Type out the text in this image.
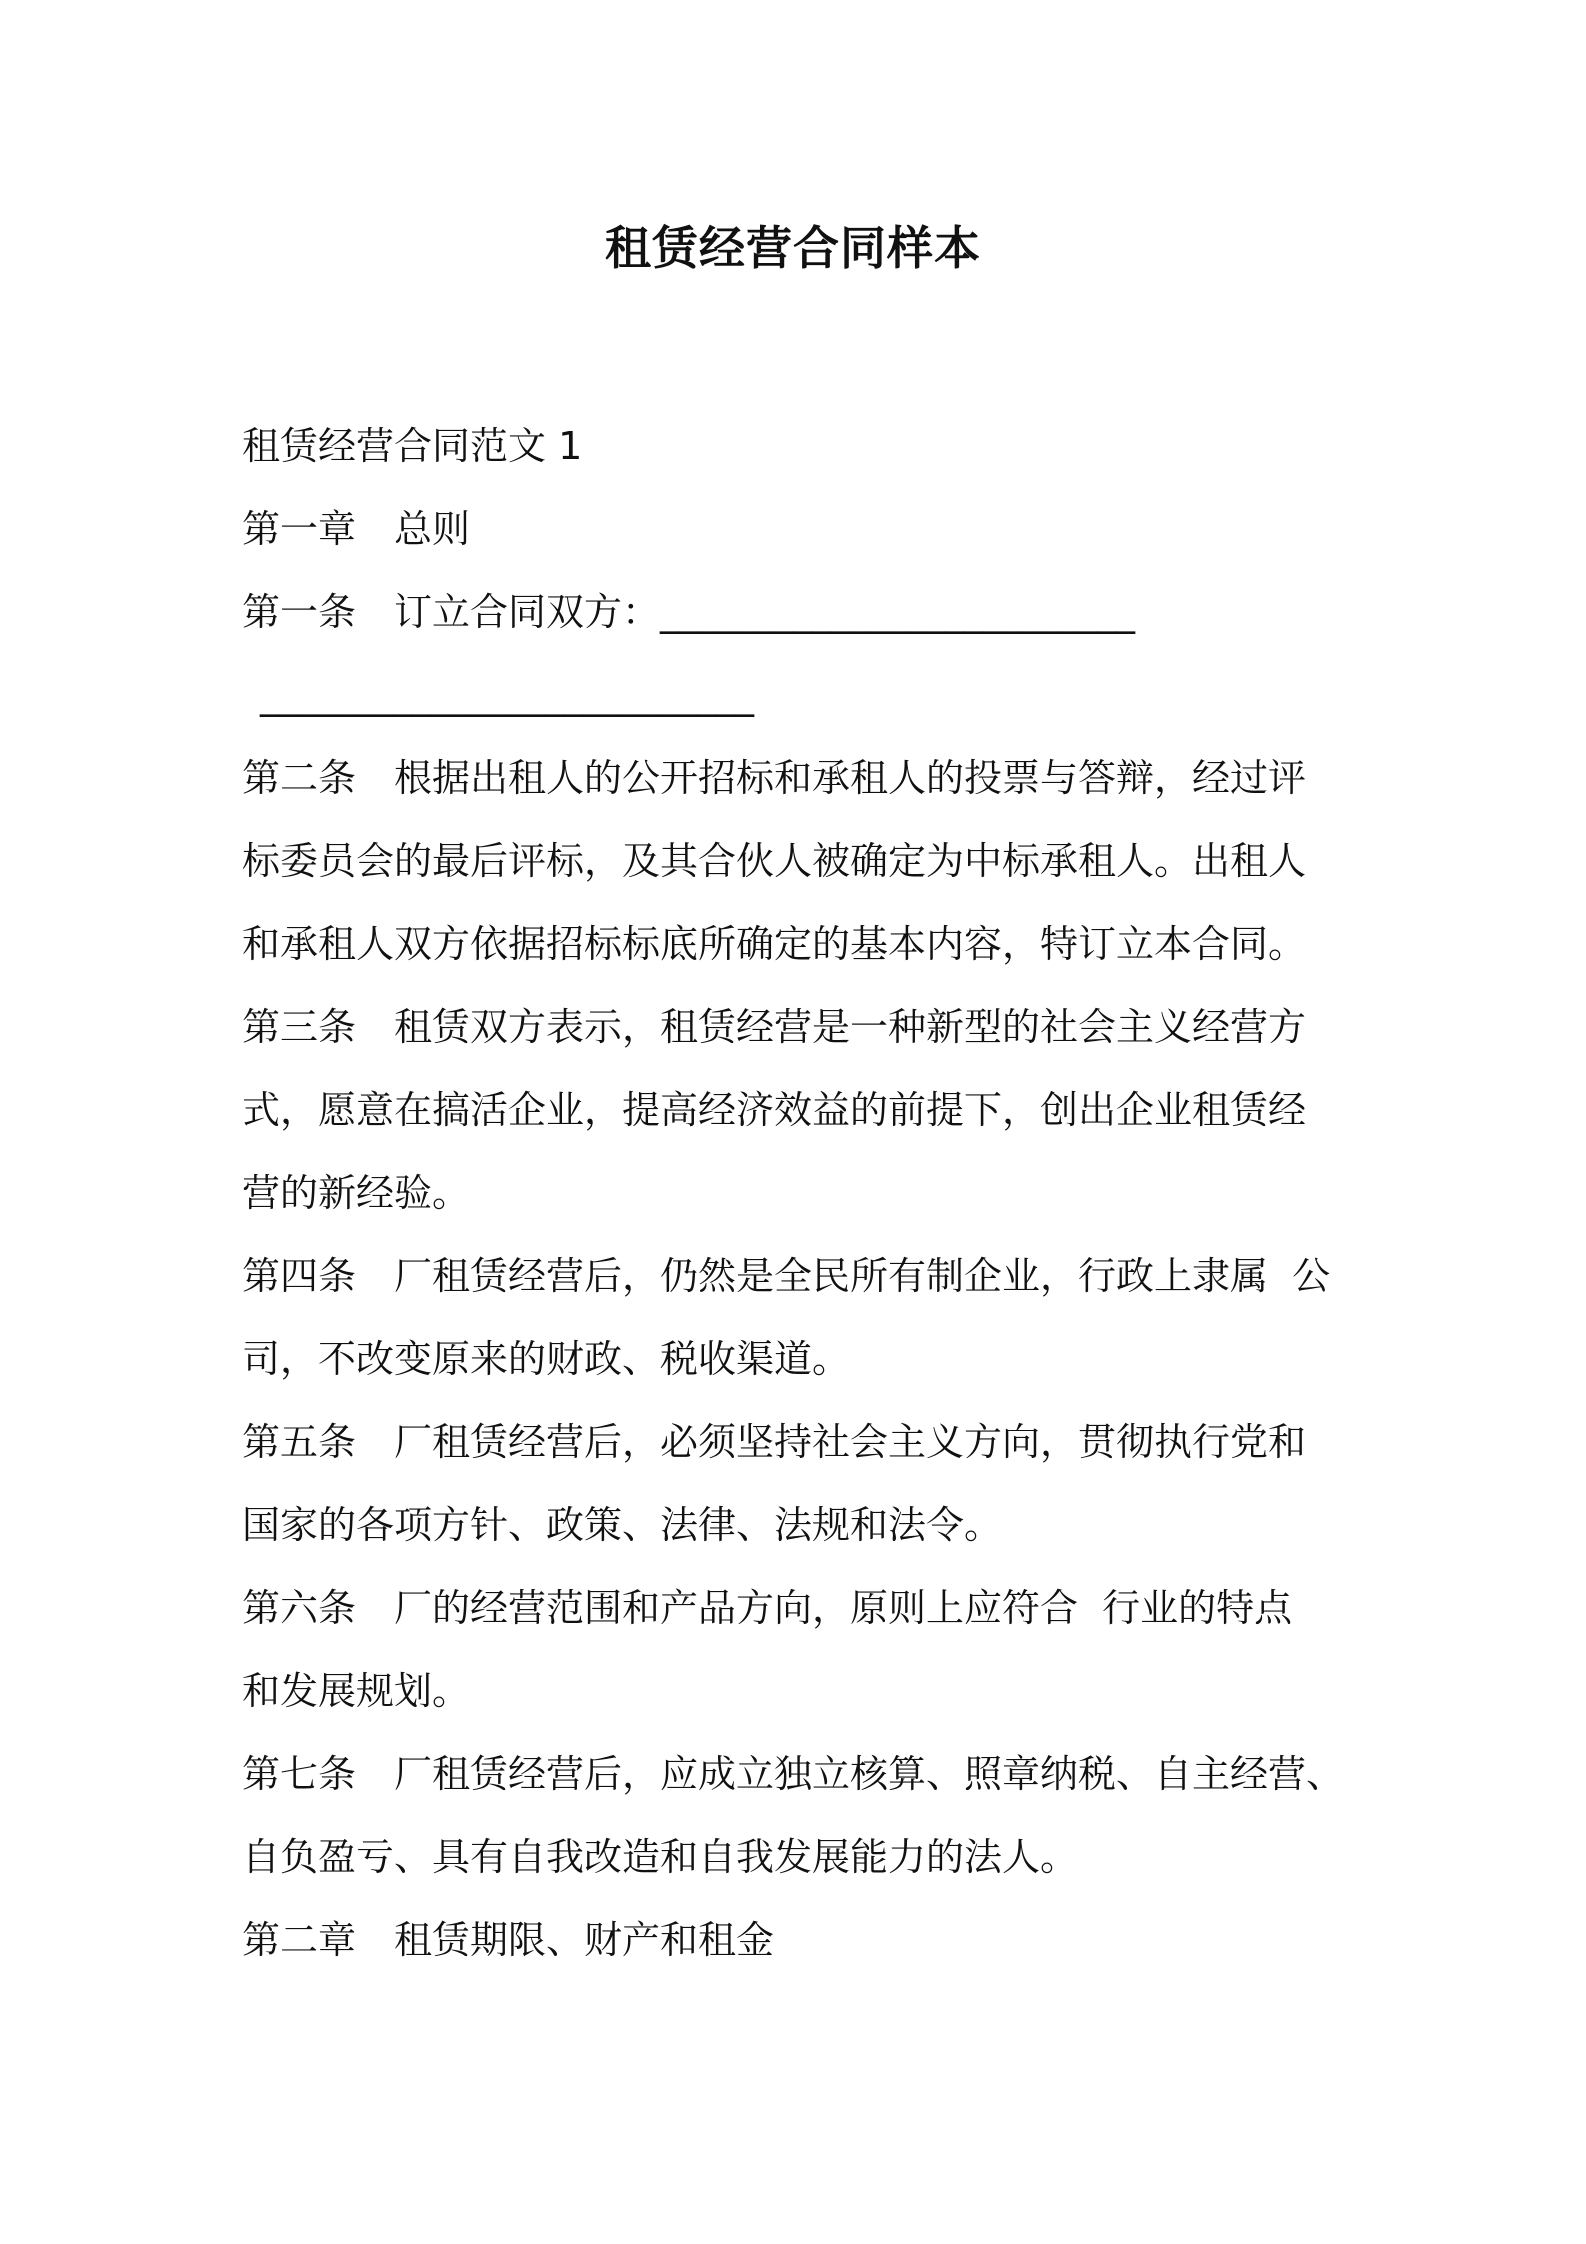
租赁经营合同样本
租赁经营合同范文 1
第一章 总则
第一条 订立合同双方：_________________________
__________________________
第二条 根据出租人的公开招标和承租人的投票与答辩，经过评
标委员会的最后评标，及其合伙人被确定为中标承租人。出租人
和承租人双方依据招标标底所确定的基本内容，特订立本合同。
第三条 租赁双方表示，租赁经营是一种新型的社会主义经营方
式，愿意在搞活企业，提高经济效益的前提下，创出企业租赁经
营的新经验。
第四条 厂租赁经营后，仍然是全民所有制企业，行政上隶属  公
司，不改变原来的财政、税收渠道。
第五条 厂租赁经营后，必须坚持社会主义方向，贯彻执行党和
国家的各项方针、政策、法律、法规和法令。
第六条 厂的经营范围和产品方向，原则上应符合  行业的特点
和发展规划。
第七条 厂租赁经营后，应成立独立核算、照章纳税、自主经营、
自负盈亏、具有自我改造和自我发展能力的法人。
第二章 租赁期限、财产和租金
